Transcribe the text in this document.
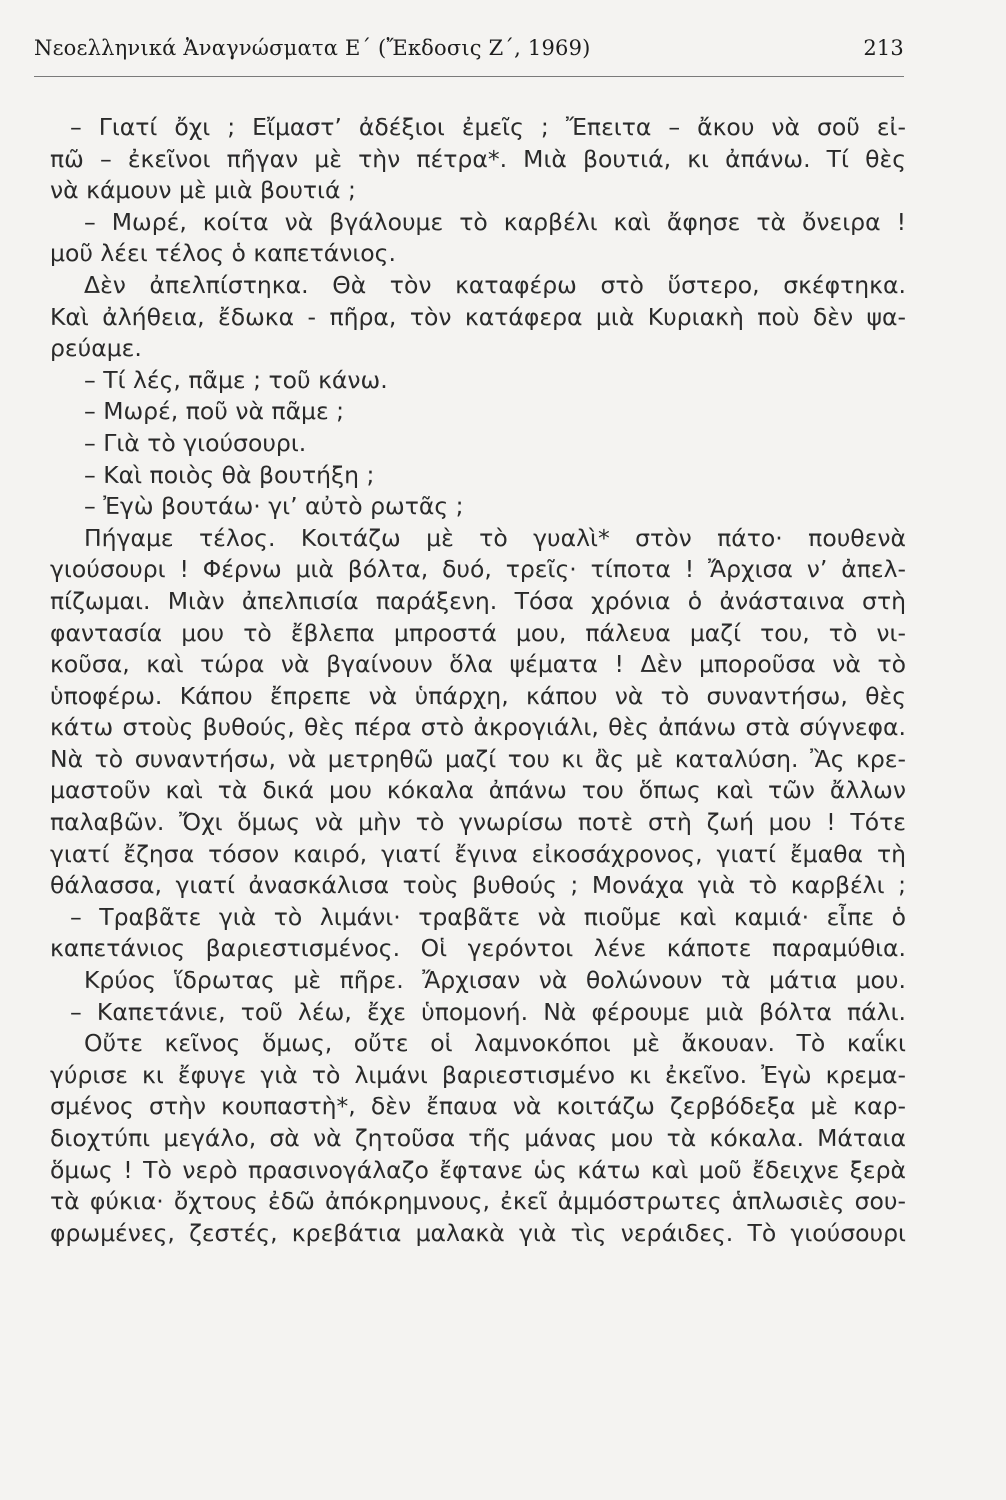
Νεοελληνικά Ἀναγνώσματα Ε΄ (Ἔκδοσις Ζ΄, 1969)	213
– Γιατί ὄχι ; Εἴμαστ’ ἀδέξιοι ἐμεῖς ; Ἔπειτα – ἄκου νὰ σοῦ εἰ-
πῶ – ἐκεῖνοι πῆγαν μὲ τὴν πέτρα*. Μιὰ βουτιά, κι ἀπάνω. Τί θὲς
νὰ κάμουν μὲ μιὰ βουτιά ;
– Μωρέ, κοίτα νὰ βγάλουμε τὸ καρβέλι καὶ ἄφησε τὰ ὄνειρα !
μοῦ λέει τέλος ὁ καπετάνιος.
Δὲν ἀπελπίστηκα. Θὰ τὸν καταφέρω στὸ ὕστερο, σκέφτηκα.
Καὶ ἀλήθεια, ἔδωκα - πῆρα, τὸν κατάφερα μιὰ Κυριακὴ ποὺ δὲν ψα-
ρεύαμε.
– Τί λές, πᾶμε ; τοῦ κάνω.
– Μωρέ, ποῦ νὰ πᾶμε ;
– Γιὰ τὸ γιούσουρι.
– Καὶ ποιὸς θὰ βουτήξη ;
– Ἐγὼ βουτάω· γι’ αὐτὸ ρωτᾶς ;
Πήγαμε τέλος. Κοιτάζω μὲ τὸ γυαλὶ* στὸν πάτο· πουθενὰ
γιούσουρι ! Φέρνω μιὰ βόλτα, δυό, τρεῖς· τίποτα ! Ἄρχισα ν’ ἀπελ-
πίζωμαι. Μιὰν ἀπελπισία παράξενη. Τόσα χρόνια ὁ ἀνάσταινα στὴ
φαντασία μου τὸ ἔβλεπα μπροστά μου, πάλευα μαζί του, τὸ νι-
κοῦσα, καὶ τώρα νὰ βγαίνουν ὅλα ψέματα ! Δὲν μποροῦσα νὰ τὸ
ὑποφέρω. Κάπου ἔπρεπε νὰ ὑπάρχη, κάπου νὰ τὸ συναντήσω, θὲς
κάτω στοὺς βυθούς, θὲς πέρα στὸ ἀκρογιάλι, θὲς ἀπάνω στὰ σύγνεφα.
Νὰ τὸ συναντήσω, νὰ μετρηθῶ μαζί του κι ἂς μὲ καταλύση. Ἂς κρε-
μαστοῦν καὶ τὰ δικά μου κόκαλα ἀπάνω του ὅπως καὶ τῶν ἄλλων
παλαβῶν. Ὄχι ὅμως νὰ μὴν τὸ γνωρίσω ποτὲ στὴ ζωή μου ! Τότε
γιατί ἔζησα τόσον καιρό, γιατί ἔγινα εἰκοσάχρονος, γιατί ἔμαθα τὴ
θάλασσα, γιατί ἀνασκάλισα τοὺς βυθούς ; Μονάχα γιὰ τὸ καρβέλι ;
– Τραβᾶτε γιὰ τὸ λιμάνι· τραβᾶτε νὰ πιοῦμε καὶ καμιά· εἶπε ὁ
καπετάνιος βαριεστισμένος. Οἱ γερόντοι λένε κάποτε παραμύθια.
Κρύος ἵδρωτας μὲ πῆρε. Ἄρχισαν νὰ θολώνουν τὰ μάτια μου.
– Καπετάνιε, τοῦ λέω, ἔχε ὑπομονή. Νὰ φέρουμε μιὰ βόλτα πάλι.
Οὔτε κεῖνος ὅμως, οὔτε οἱ λαμνοκόποι μὲ ἄκουαν. Τὸ καΐκι
γύρισε κι ἔφυγε γιὰ τὸ λιμάνι βαριεστισμένο κι ἐκεῖνο. Ἐγὼ κρεμα-
σμένος στὴν κουπαστὴ*, δὲν ἔπαυα νὰ κοιτάζω ζερβόδεξα μὲ καρ-
διοχτύπι μεγάλο, σὰ νὰ ζητοῦσα τῆς μάνας μου τὰ κόκαλα. Μάταια
ὅμως ! Τὸ νερὸ πρασινογάλαζο ἔφτανε ὡς κάτω καὶ μοῦ ἔδειχνε ξερὰ
τὰ φύκια· ὄχτους ἐδῶ ἀπόκρημνους, ἐκεῖ ἀμμόστρωτες ἁπλωσιὲς σου-
φρωμένες, ζεστές, κρεβάτια μαλακὰ γιὰ τὶς νεράιδες. Τὸ γιούσουρι
